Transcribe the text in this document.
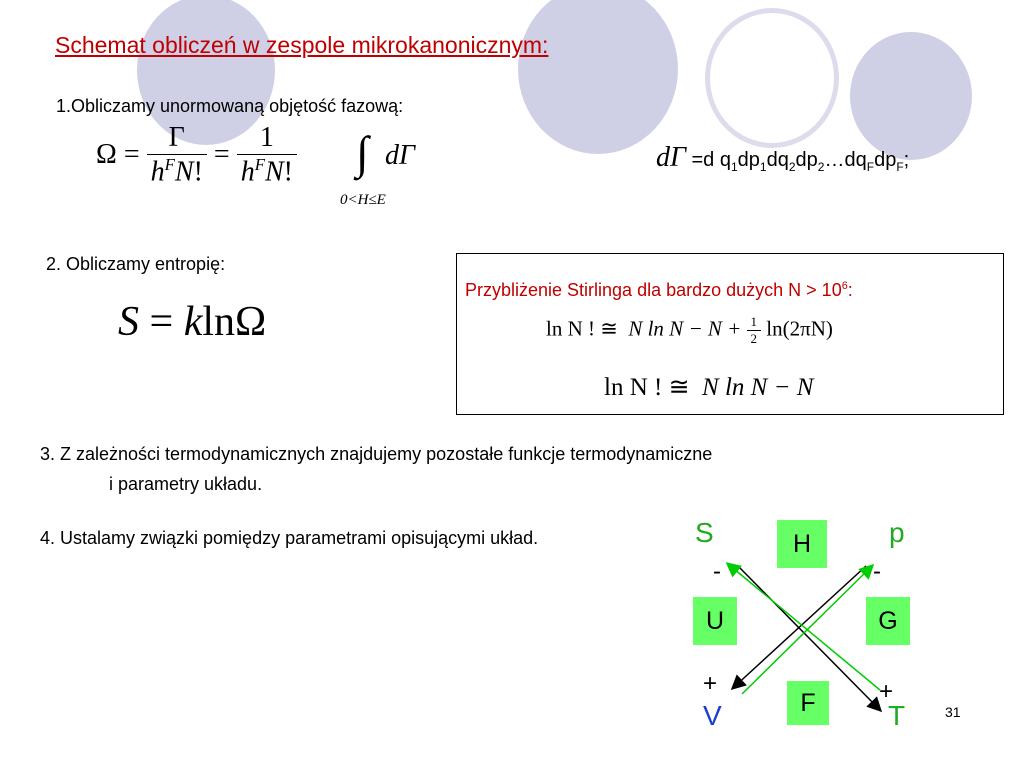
Schemat obliczeń w zespole mikrokanonicznym:
1.Obliczamy unormowaną objętość fazową:
$\Omega = \frac{\Gamma}{h^FN!} = \frac{1}{h^FN!}$ ∫ dΓ
0<H≤E
dΓ =d $q_1dp_1dq_2dp_2\dots dq_Fdp_F$;
2. Obliczamy entropię:
S = klnΩ
Przybliżenie Stirlinga dla bardzo dużych $N > 10^6$:
ln N ! ≅ N $\ln N - N + \frac{1}{2} \ln(2\pi N)$
ln N ! ≅ N ln N − N
3. Z zależności termodynamicznych znajdujemy pozostałe funkcje termodynamiczne
i parametry układu.
4. Ustalamy związki pomiędzy parametrami opisującymi układ.	S	p
V	T
H
U	G
F
-	-
+	+
31
